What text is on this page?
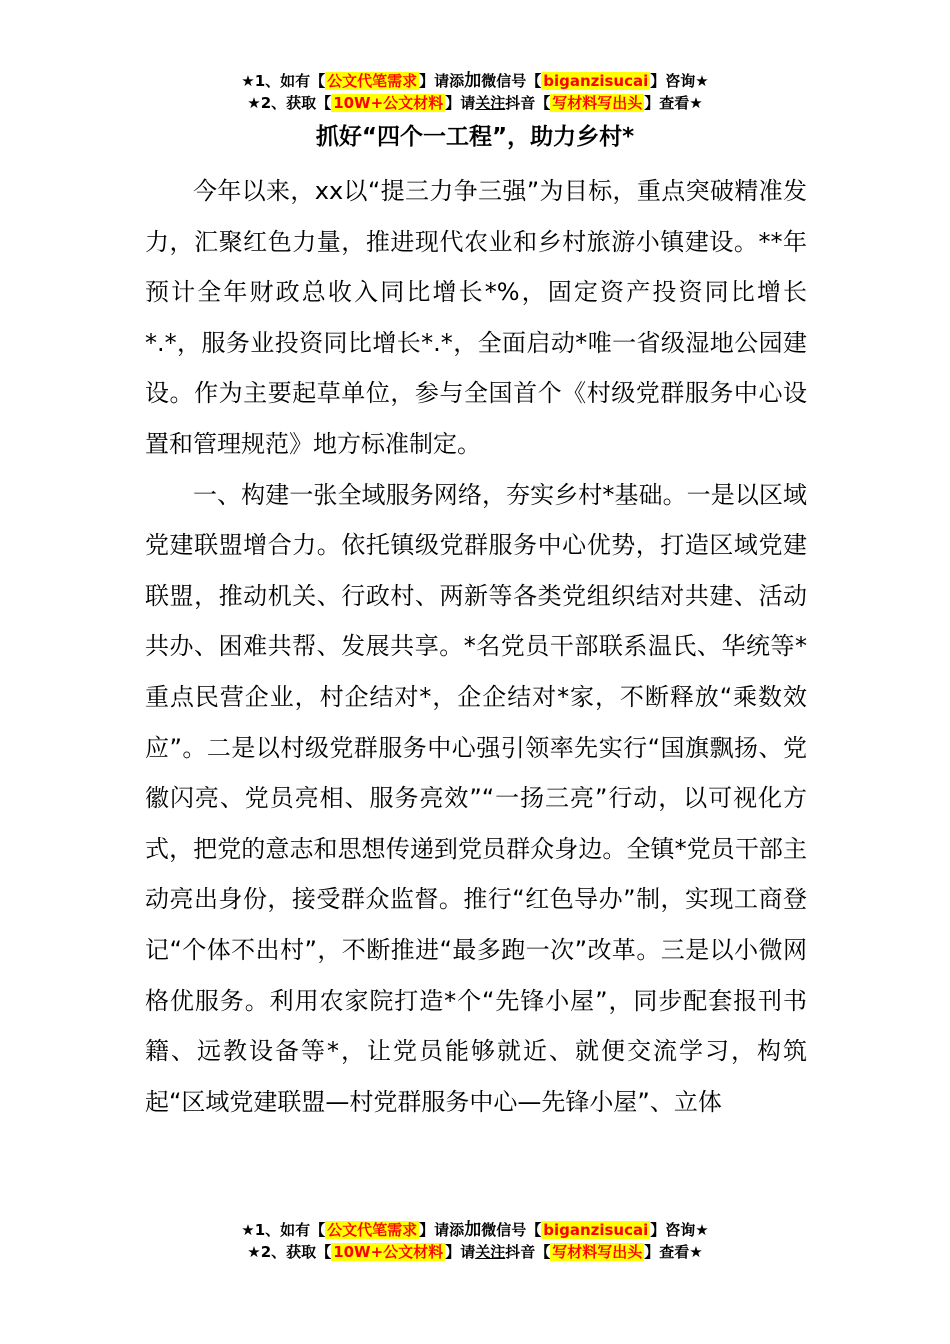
★1、如有【 公文代笔需求 】请添加微信号【 biganzisucai 】咨询★
★2、获取【 10W+公文材料 】请关注抖音【 写材料写出头 】查看★
抓好“四个一工程”，助力乡村*

今年以来，xx以“提三力争三强”为目标，重点突破精准发力，汇聚红色力量，推进现代农业和乡村旅游小镇建设。**年预计全年财政总收入同比增长*%，固定资产投资同比增长*.*，服务业投资同比增长*.*，全面启动*唯一省级湿地公园建设。作为主要起草单位，参与全国首个《村级党群服务中心设置和管理规范》地方标准制定。

一、构建一张全域服务网络，夯实乡村*基础。一是以区域党建联盟增合力。依托镇级党群服务中心优势，打造区域党建联盟，推动机关、行政村、两新等各类党组织结对共建、活动共办、困难共帮、发展共享。*名党员干部联系温氏、华统等*重点民营企业，村企结对*，企企结对*家，不断释放“乘数效应”。二是以村级党群服务中心强引领率先实行“国旗飘扬、党徽闪亮、党员亮相、服务亮效”“一扬三亮”行动，以可视化方式，把党的意志和思想传递到党员群众身边。全镇*党员干部主动亮出身份，接受群众监督。推行“红色导办”制，实现工商登记“个体不出村”，不断推进“最多跑一次”改革。三是以小微网格优服务。利用农家院打造*个“先锋小屋”，同步配套报刊书籍、远教设备等*，让党员能够就近、就便交流学习，构筑起“区域党建联盟—村党群服务中心—先锋小屋”、立体

★1、如有【 公文代笔需求 】请添加微信号【 biganzisucai 】咨询★
★2、获取【 10W+公文材料 】请关注抖音【 写材料写出头 】查看★
